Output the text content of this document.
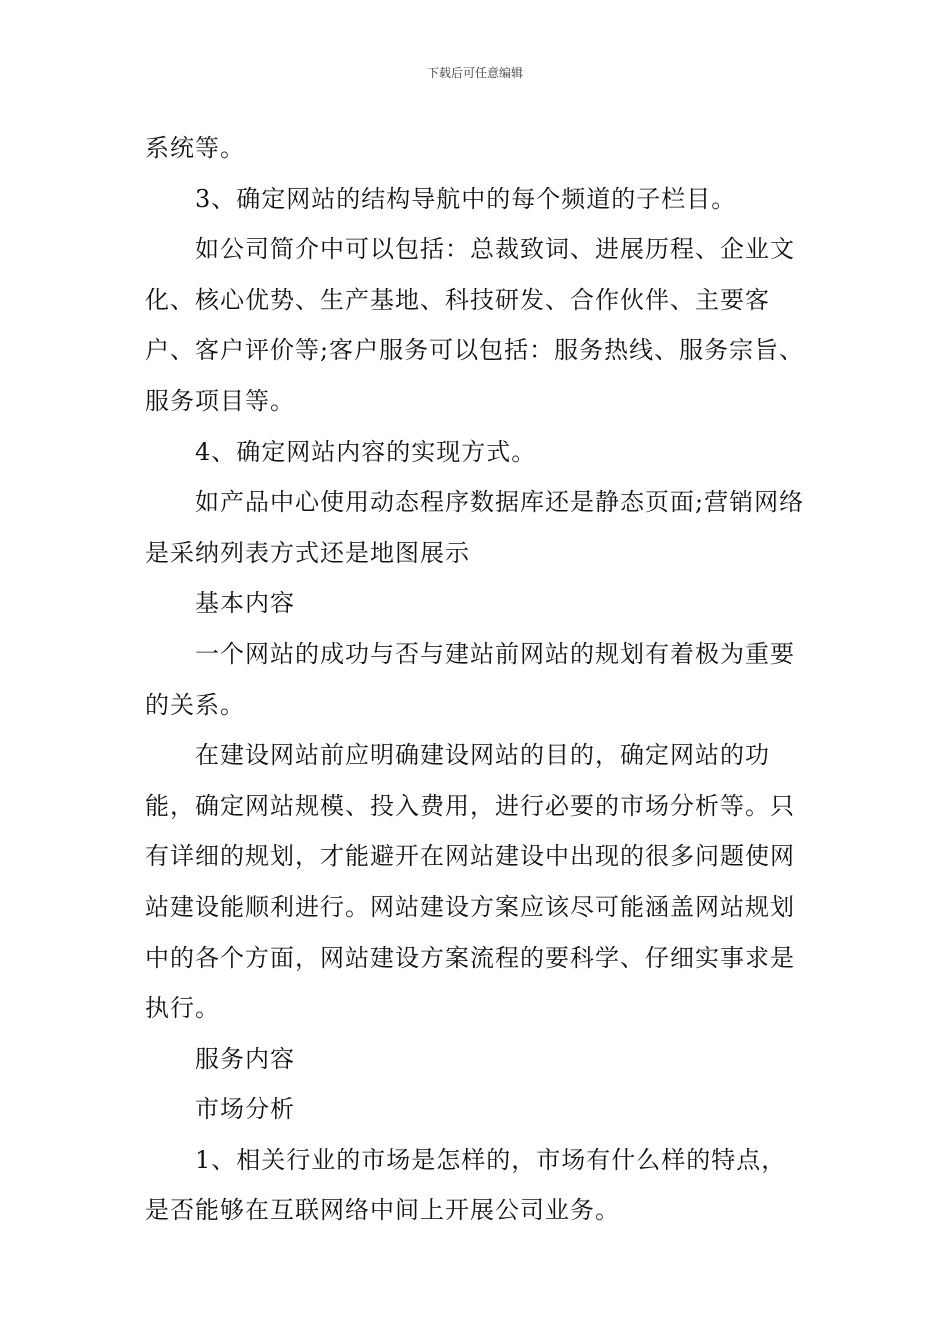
下载后可任意编辑

系统等。

3、确定网站的结构导航中的每个频道的子栏目。

如公司简介中可以包括：总裁致词、进展历程、企业文化、核心优势、生产基地、科技研发、合作伙伴、主要客户、客户评价等;客户服务可以包括：服务热线、服务宗旨、服务项目等。

4、确定网站内容的实现方式。

如产品中心使用动态程序数据库还是静态页面;营销网络是采纳列表方式还是地图展示

基本内容

一个网站的成功与否与建站前网站的规划有着极为重要的关系。

在建设网站前应明确建设网站的目的，确定网站的功能，确定网站规模、投入费用，进行必要的市场分析等。只有详细的规划，才能避开在网站建设中出现的很多问题使网站建设能顺利进行。网站建设方案应该尽可能涵盖网站规划中的各个方面，网站建设方案流程的要科学、仔细实事求是执行。

服务内容

市场分析

1、相关行业的市场是怎样的，市场有什么样的特点，是否能够在互联网络中间上开展公司业务。
